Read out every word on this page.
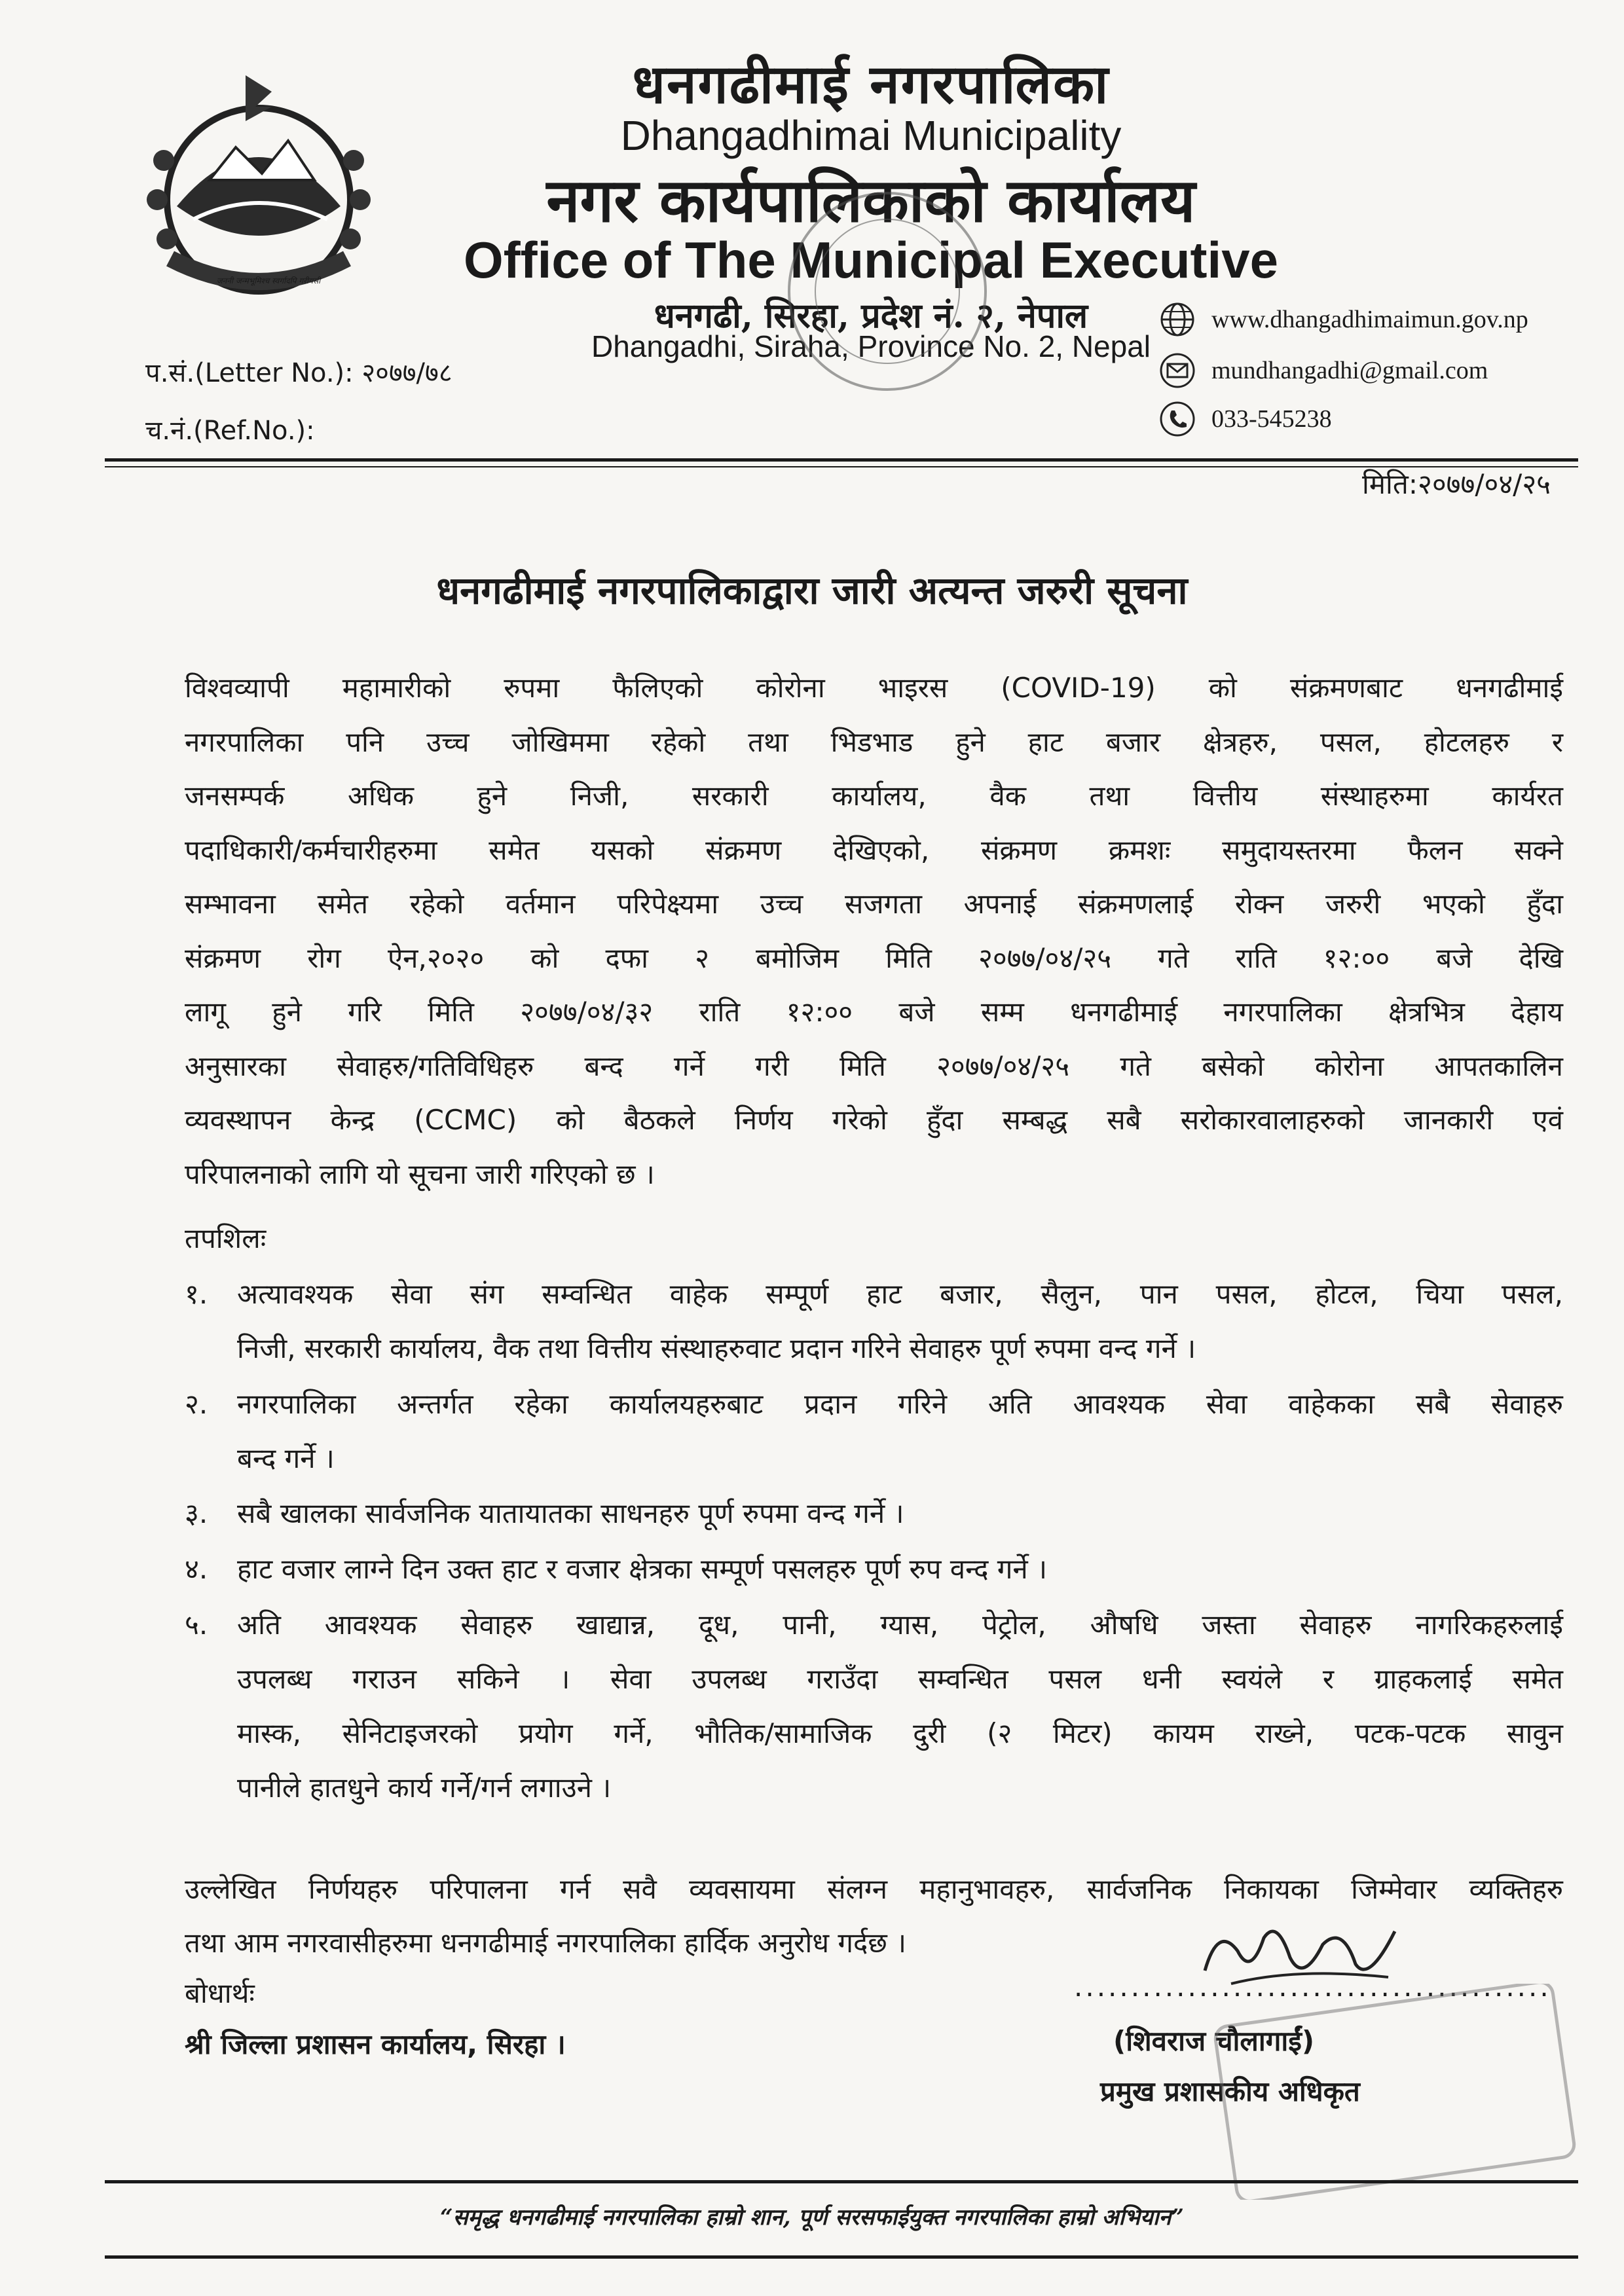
जननी जन्मभूमिश्च स्वर्गादपि गरीयसी
धनगढीमाई नगरपालिका
Dhangadhimai Municipality
नगर कार्यपालिकाको कार्यालय
Office of The Municipal Executive
धनगढी, सिरहा, प्रदेश नं. २, नेपाल
Dhangadhi, Siraha, Province No. 2, Nepal
प.सं.(Letter No.): २०७७/७८
च.नं.(Ref.No.):
www.dhangadhimaimun.gov.np
mundhangadhi@gmail.com
033-545238
मिति:२०७७/०४/२५
धनगढीमाई नगरपालिकाद्वारा जारी अत्यन्त जरुरी सूचना
विश्वव्यापी महामारीको रुपमा फैलिएको कोरोना भाइरस (COVID-19) को संक्रमणबाट धनगढीमाई
नगरपालिका पनि उच्च जोखिममा रहेको तथा भिडभाड हुने हाट बजार क्षेत्रहरु, पसल, होटलहरु र
जनसम्पर्क अधिक हुने निजी, सरकारी कार्यालय, वैक तथा वित्तीय संस्थाहरुमा कार्यरत
पदाधिकारी/कर्मचारीहरुमा समेत यसको संक्रमण देखिएको, संक्रमण क्रमशः समुदायस्तरमा फैलन सक्ने
सम्भावना समेत रहेको वर्तमान परिपेक्ष्यमा उच्च सजगता अपनाई संक्रमणलाई रोक्न जरुरी भएको हुँदा
संक्रमण रोग ऐन,२०२० को दफा २ बमोजिम मिति २०७७/०४/२५ गते राति १२:०० बजे देखि
लागू हुने गरि मिति २०७७/०४/३२ राति १२:०० बजे सम्म धनगढीमाई नगरपालिका क्षेत्रभित्र देहाय
अनुसारका सेवाहरु/गतिविधिहरु बन्द गर्ने गरी मिति २०७७/०४/२५ गते बसेको कोरोना आपतकालिन
व्यवस्थापन केन्द्र (CCMC) को बैठकले निर्णय गरेको हुँदा सम्बद्ध सबै सरोकारवालाहरुको जानकारी एवं
परिपालनाको लागि यो सूचना जारी गरिएको छ ।
तपशिलः
१. अत्यावश्यक सेवा संग सम्वन्धित वाहेक सम्पूर्ण हाट बजार, सैलुन, पान पसल, होटल, चिया पसल,
निजी, सरकारी कार्यालय, वैक तथा वित्तीय संस्थाहरुवाट प्रदान गरिने सेवाहरु पूर्ण रुपमा वन्द गर्ने ।
२. नगरपालिका अन्तर्गत रहेका कार्यालयहरुबाट प्रदान गरिने अति आवश्यक सेवा वाहेकका सबै सेवाहरु
बन्द गर्ने ।
३. सबै खालका सार्वजनिक यातायातका साधनहरु पूर्ण रुपमा वन्द गर्ने ।
४. हाट वजार लाग्ने दिन उक्त हाट र वजार क्षेत्रका सम्पूर्ण पसलहरु पूर्ण रुप वन्द गर्ने ।
५. अति आवश्यक सेवाहरु खाद्यान्न, दूध, पानी, ग्यास, पेट्रोल, औषधि जस्ता सेवाहरु नागरिकहरुलाई
उपलब्ध गराउन सकिने । सेवा उपलब्ध गराउँदा सम्वन्धित पसल धनी स्वयंले र ग्राहकलाई समेत
मास्क, सेनिटाइजरको प्रयोग गर्ने, भौतिक/सामाजिक दुरी (२ मिटर) कायम राख्ने, पटक-पटक सावुन
पानीले हातधुने कार्य गर्ने/गर्न लगाउने ।
उल्लेखित निर्णयहरु परिपालना गर्न सवै व्यवसायमा संलग्न महानुभावहरु, सार्वजनिक निकायका जिम्मेवार व्यक्तिहरु
तथा आम नगरवासीहरुमा धनगढीमाई नगरपालिका हार्दिक अनुरोध गर्दछ ।
बोधार्थः
श्री जिल्ला प्रशासन कार्यालय, सिरहा ।
..........................................
(शिवराज चौलागाईं)
प्रमुख प्रशासकीय अधिकृत
“समृद्ध धनगढीमाई नगरपालिका हाम्रो शान, पूर्ण सरसफाईयुक्त नगरपालिका हाम्रो अभियान”
